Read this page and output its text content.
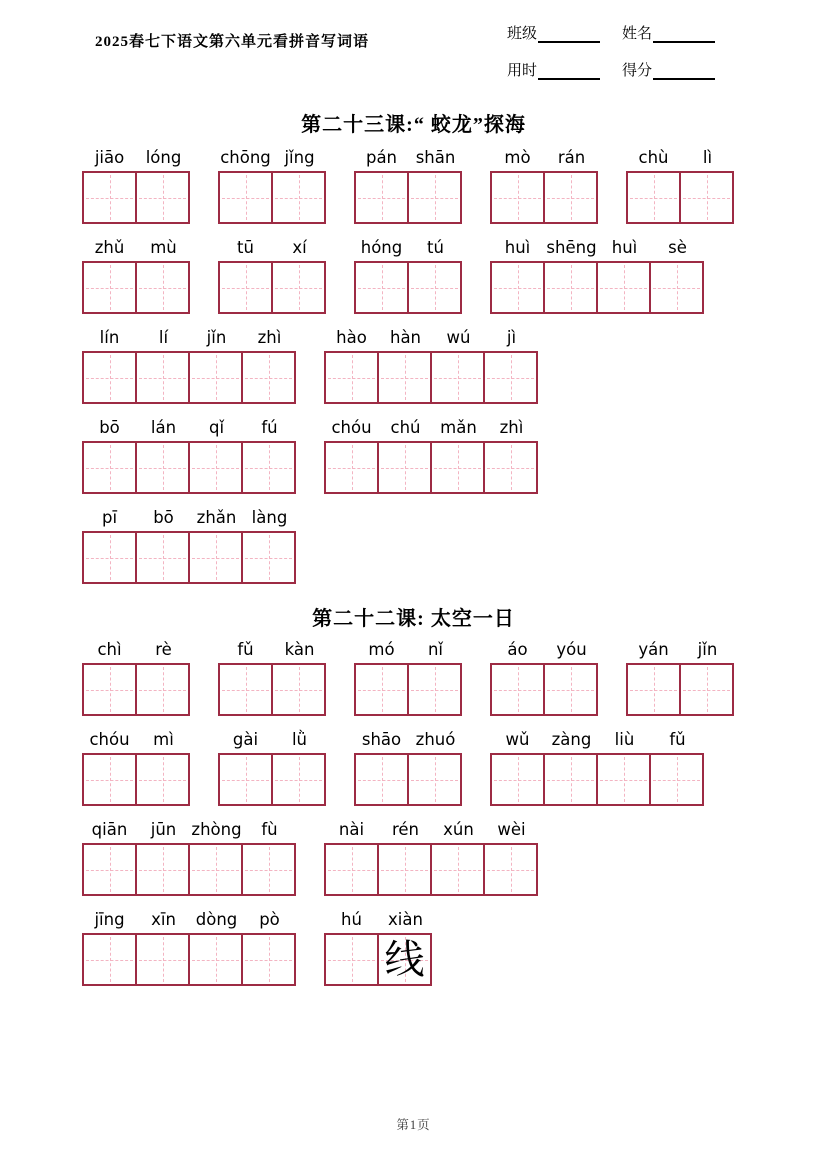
2025春七下语文第六单元看拼音写词语	班级	姓名
用时	得分
第二十三课:“ 蛟龙”探海
jiāo	lóng	chōng jǐng	pán	shān	mò	rán	chù	lì
zhǔ	mù	tū	xí	hóng	tú	huì shēng huì	sè
lín	lí	jǐn	zhì	hào	hàn	wú	jì
bō	lán	qǐ	fú	chóu	chú	mǎn	zhì
pī	bō	zhǎn làng
第二十二课: 太空一日
chì	rè	fǔ	kàn	mó	nǐ	áo	yóu	yán	jǐn
chóu	mì	gài	lǜ	shāo zhuó	wǔ	zàng	liù	fǔ
qiān	jūn zhòng	fù	nài	rén	xún	wèi
jīng	xīn	dòng	pò	hú	xiàn
线
第1页
